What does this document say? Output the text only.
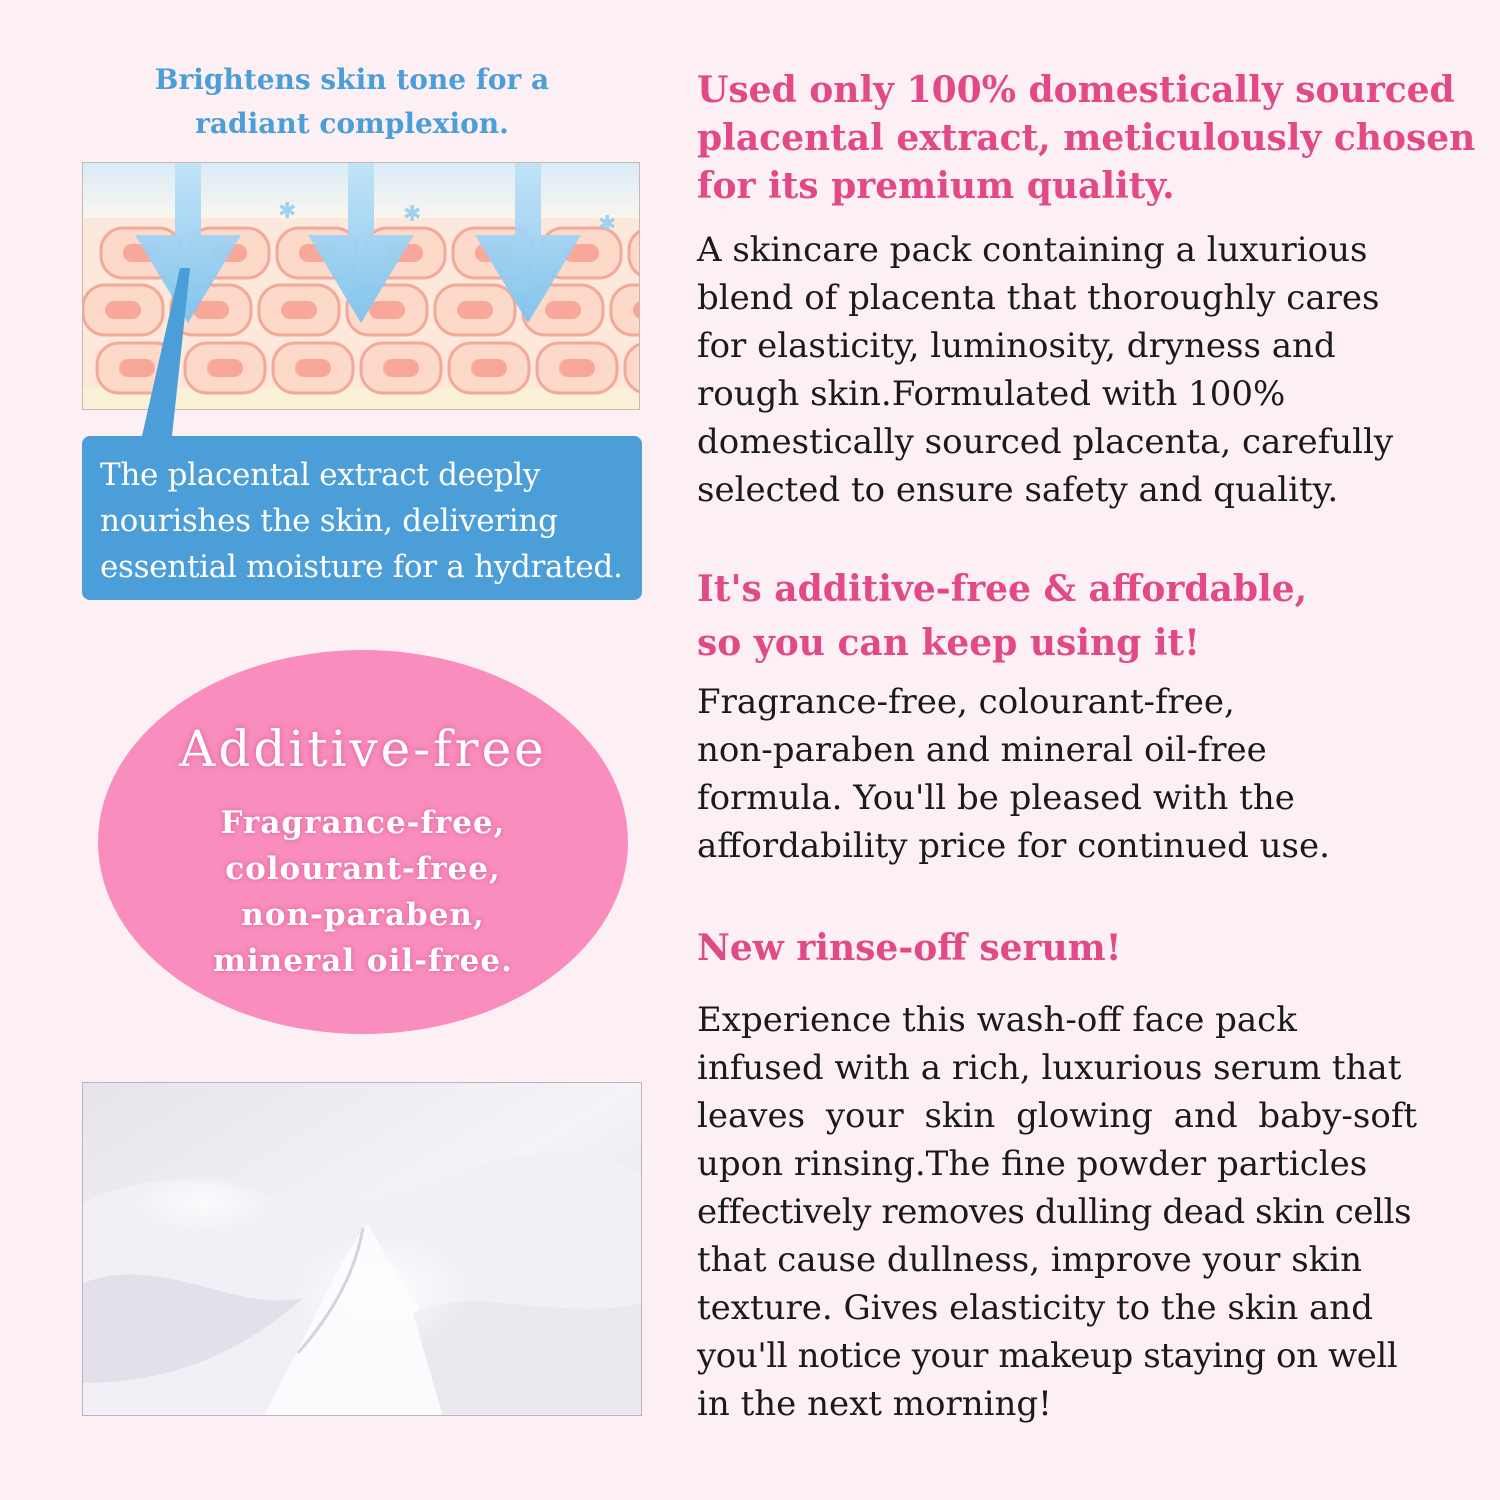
Brightens skin tone for a
radiant complexion.
✱	✱	✱
The placental extract deeply
nourishes the skin, delivering
essential moisture for a hydrated.
Additive-free
Fragrance-free,
colourant-free,
non-paraben,
mineral oil-free.
Used only 100% domestically sourced
placental extract, meticulously chosen
for its premium quality.
A skincare pack containing a luxurious
blend of placenta that thoroughly cares
for elasticity, luminosity, dryness and
rough skin.Formulated with 100%
domestically sourced placenta, carefully
selected to ensure safety and quality.
It's additive-free & affordable,
so you can keep using it!
Fragrance-free, colourant-free,
non-paraben and mineral oil-free
formula. You'll be pleased with the
affordability price for continued use.
New rinse-off serum!
Experience this wash-off face pack
infused with a rich, luxurious serum that
leaves your skin glowing and baby-soft
upon rinsing.The fine powder particles
effectively removes dulling dead skin cells
that cause dullness, improve your skin
texture. Gives elasticity to the skin and
you'll notice your makeup staying on well
in the next morning!
